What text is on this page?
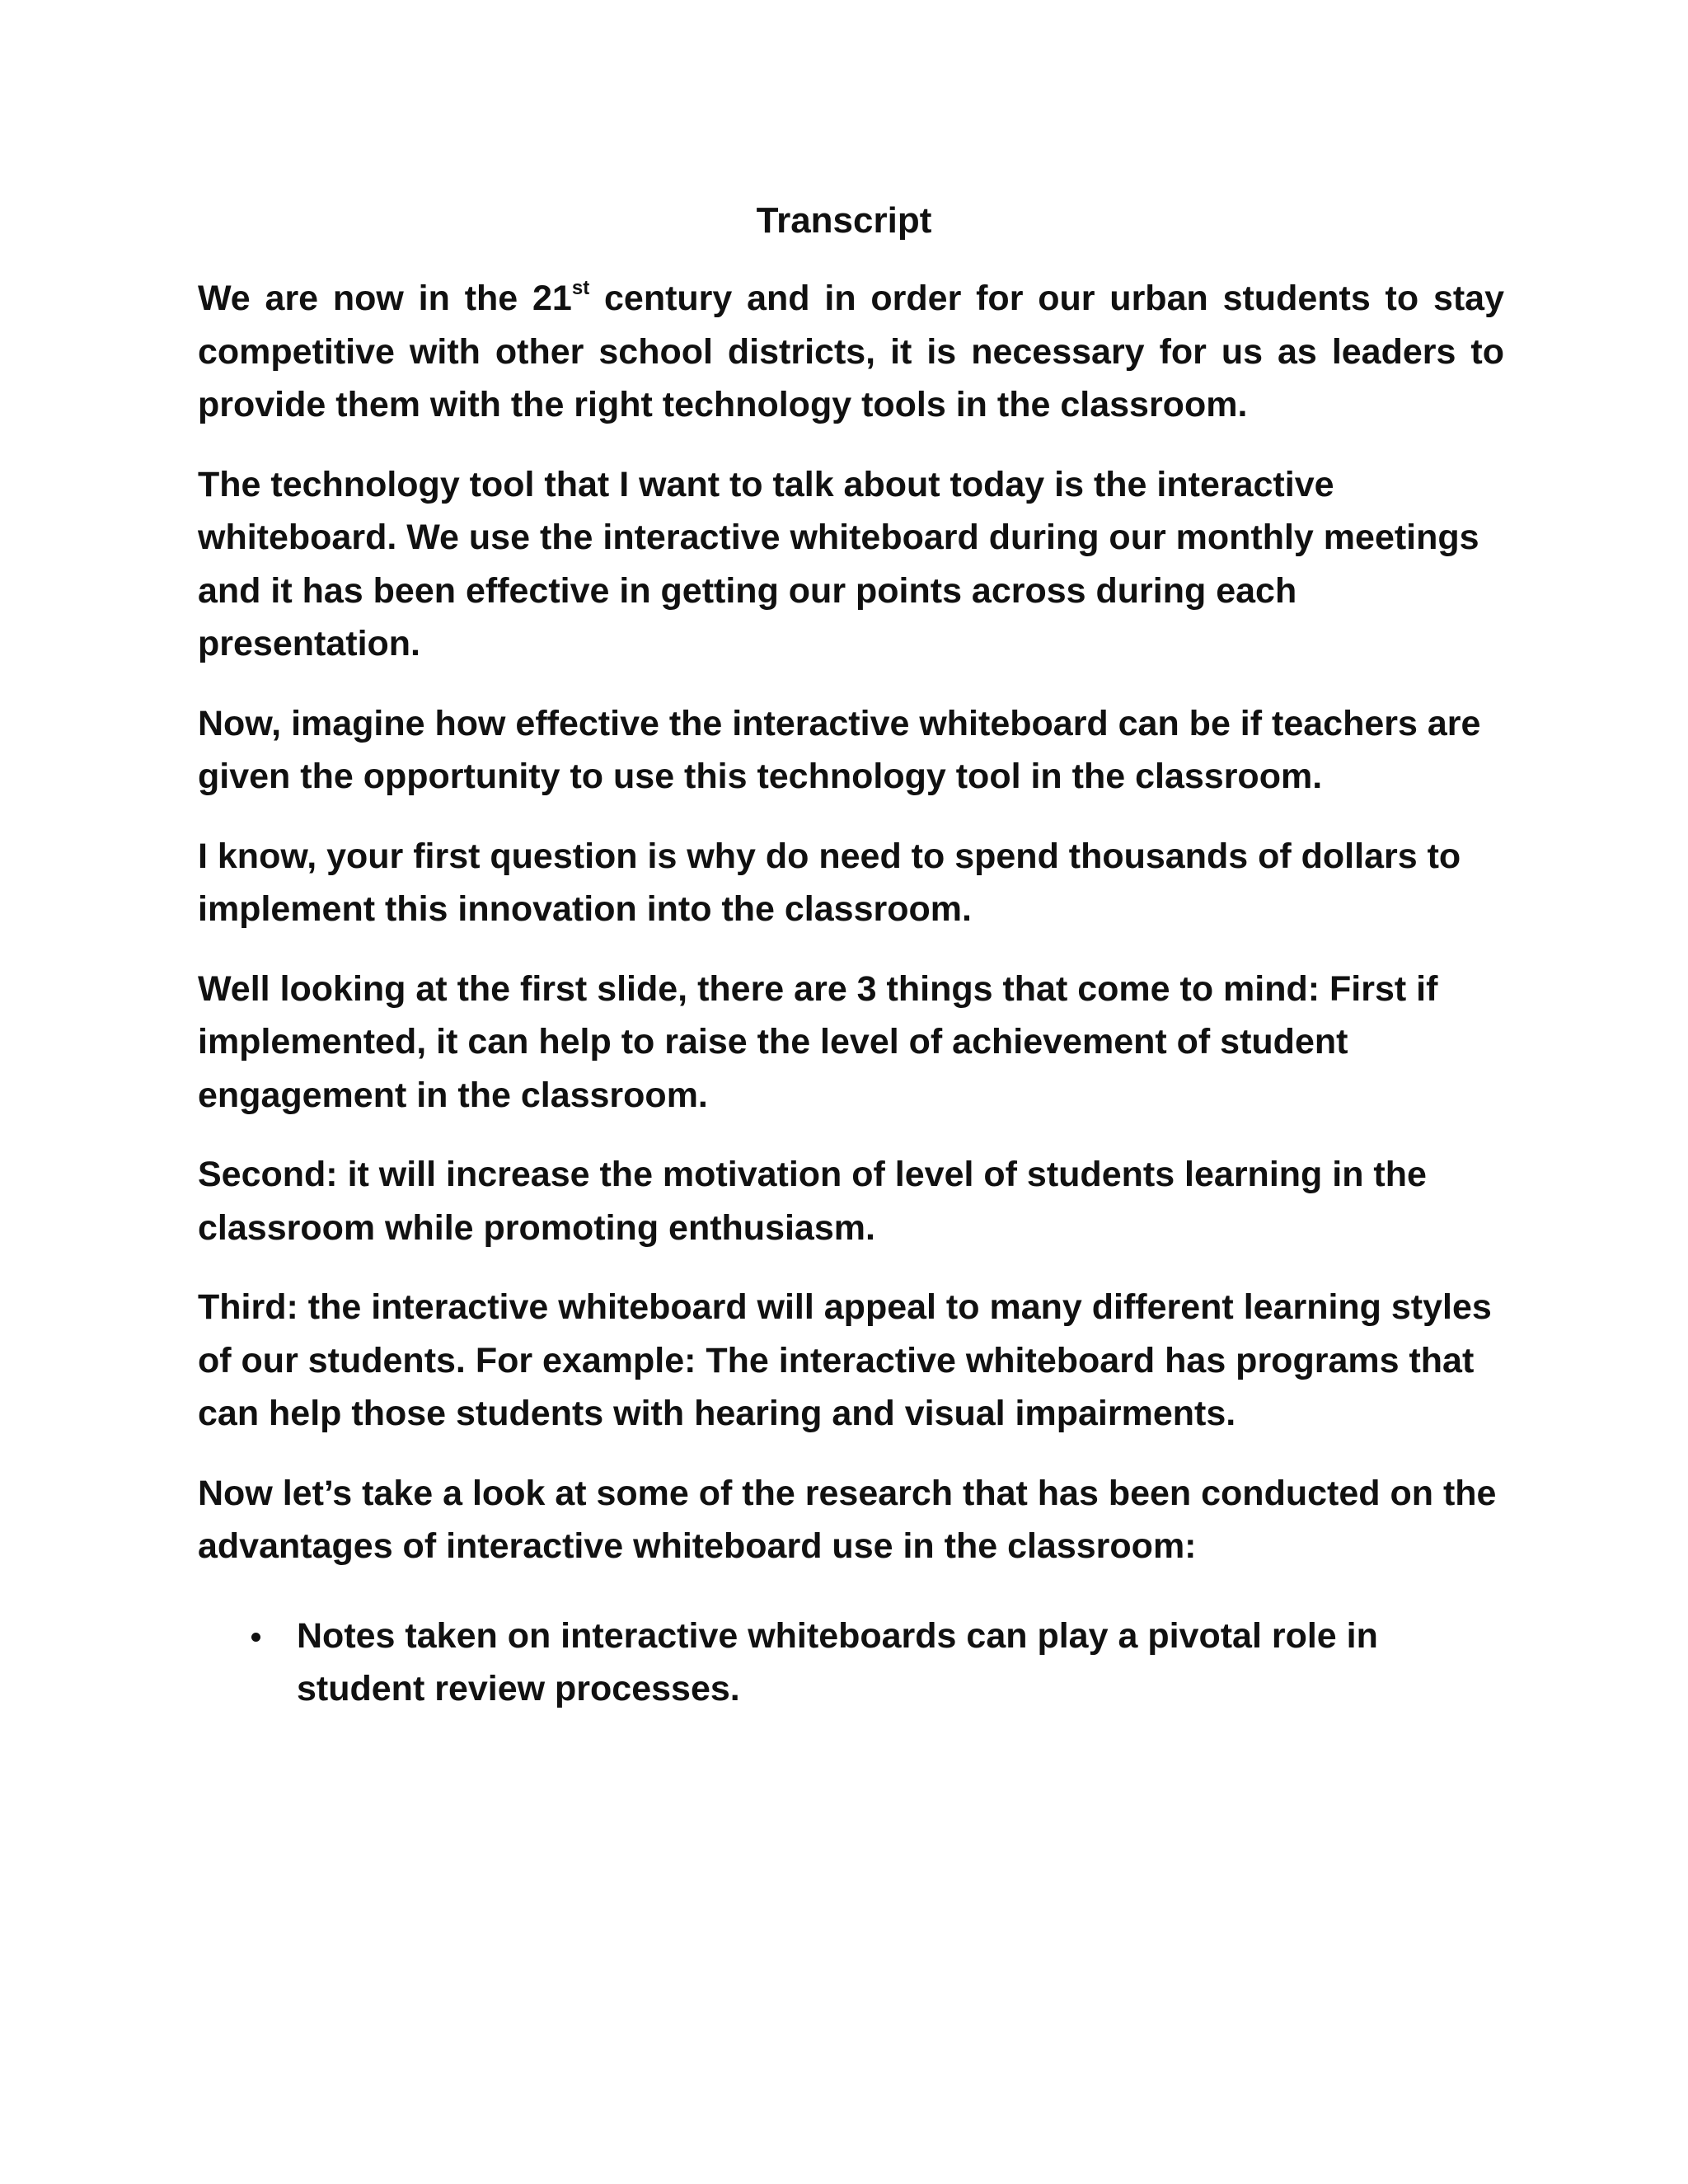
Transcript

We are now in the 21st century and in order for our urban students to stay competitive with other school districts, it is necessary for us as leaders to provide them with the right technology tools in the classroom.

The technology tool that I want to talk about today is the interactive whiteboard. We use the interactive whiteboard during our monthly meetings and it has been effective in getting our points across during each presentation.

Now, imagine how effective the interactive whiteboard can be if teachers are given the opportunity to use this technology tool in the classroom.

I know, your first question is why do need to spend thousands of dollars to implement this innovation into the classroom.

Well looking at the first slide, there are 3 things that come to mind: First if implemented, it can help to raise the level of achievement of student engagement in the classroom.

Second: it will increase the motivation of level of students learning in the classroom while promoting enthusiasm.

Third: the interactive whiteboard will appeal to many different learning styles of our students. For example: The interactive whiteboard has programs that can help those students with hearing and visual impairments.

Now let’s take a look at some of the research that has been conducted on the advantages of interactive whiteboard use in the classroom:

Notes taken on interactive whiteboards can play a pivotal role in student review processes.
